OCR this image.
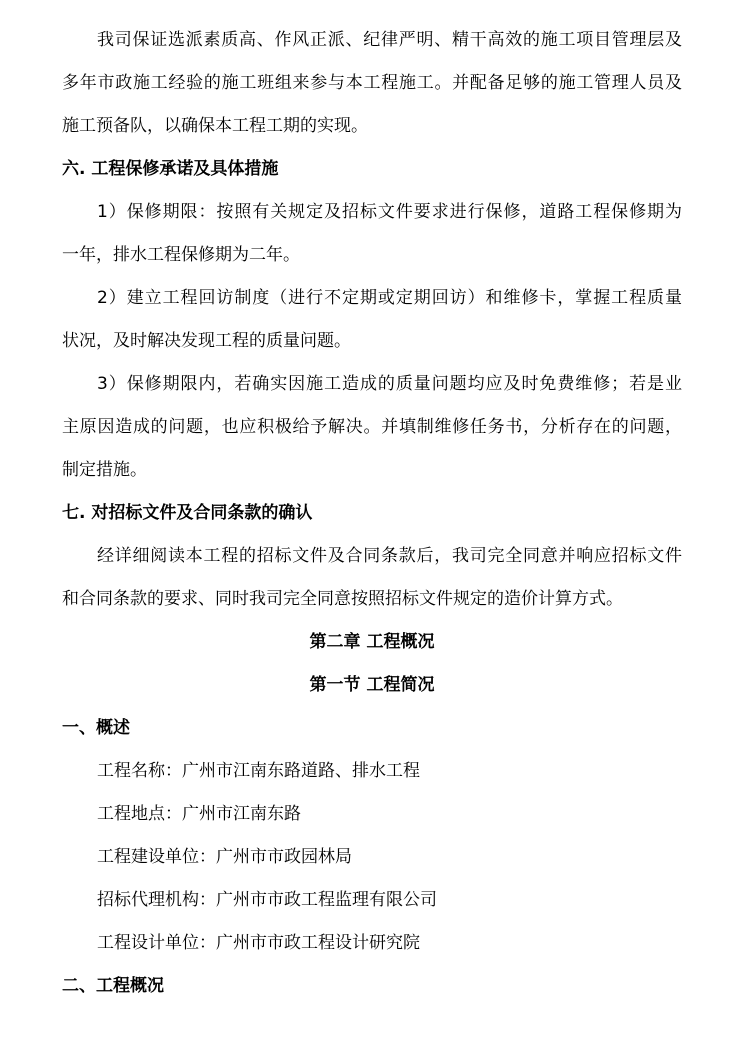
我司保证选派素质高、作风正派、纪律严明、精干高效的施工项目管理层及
多年市政施工经验的施工班组来参与本工程施工。并配备足够的施工管理人员及
施工预备队，以确保本工程工期的实现。
六. 工程保修承诺及具体措施
1）保修期限：按照有关规定及招标文件要求进行保修，道路工程保修期为
一年，排水工程保修期为二年。
2）建立工程回访制度（进行不定期或定期回访）和维修卡，掌握工程质量
状况，及时解决发现工程的质量问题。
3）保修期限内，若确实因施工造成的质量问题均应及时免费维修；若是业
主原因造成的问题，也应积极给予解决。并填制维修任务书，分析存在的问题，
制定措施。
七. 对招标文件及合同条款的确认
经详细阅读本工程的招标文件及合同条款后，我司完全同意并响应招标文件
和合同条款的要求、同时我司完全同意按照招标文件规定的造价计算方式。
第二章 工程概况
第一节 工程简况
一、概述
工程名称：广州市江南东路道路、排水工程
工程地点：广州市江南东路
工程建设单位：广州市市政园林局
招标代理机构：广州市市政工程监理有限公司
工程设计单位：广州市市政工程设计研究院
二、工程概况
